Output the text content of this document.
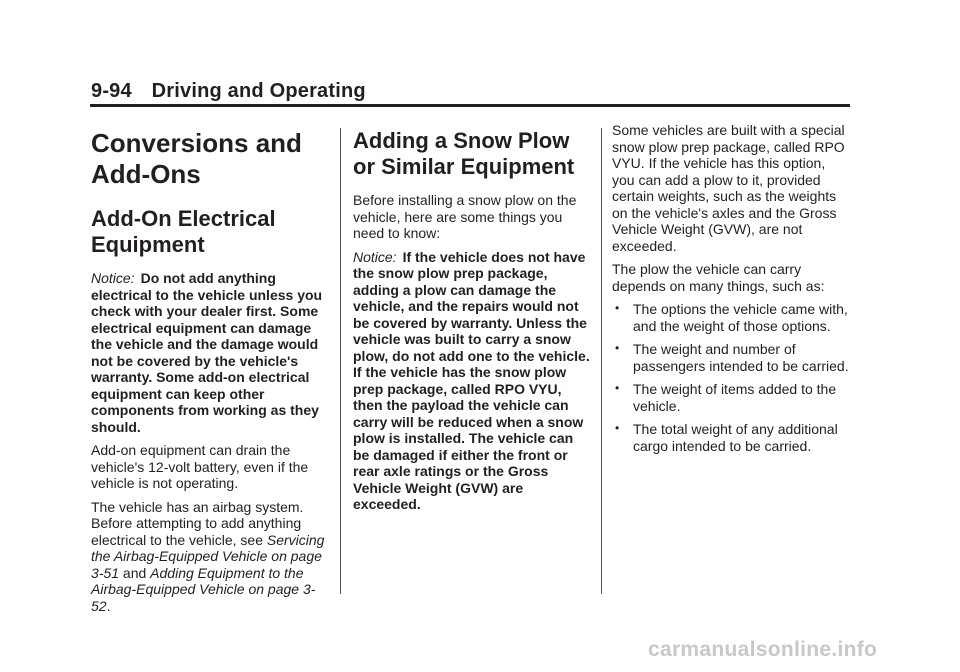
9-94 Driving and Operating
Conversions and Add-Ons
Add-On Electrical Equipment

Notice: Do not add anything electrical to the vehicle unless you check with your dealer first. Some electrical equipment can damage the vehicle and the damage would not be covered by the vehicle's warranty. Some add-on electrical equipment can keep other components from working as they should.

Add-on equipment can drain the vehicle's 12-volt battery, even if the vehicle is not operating.

The vehicle has an airbag system. Before attempting to add anything electrical to the vehicle, see Servicing the Airbag-Equipped Vehicle on page 3-51 and Adding Equipment to the Airbag-Equipped Vehicle on page 3-52.

Adding a Snow Plow or Similar Equipment

Before installing a snow plow on the vehicle, here are some things you need to know:

Notice: If the vehicle does not have the snow plow prep package, adding a plow can damage the vehicle, and the repairs would not be covered by warranty. Unless the vehicle was built to carry a snow plow, do not add one to the vehicle. If the vehicle has the snow plow prep package, called RPO VYU, then the payload the vehicle can carry will be reduced when a snow plow is installed. The vehicle can be damaged if either the front or rear axle ratings or the Gross Vehicle Weight (GVW) are exceeded.

Some vehicles are built with a special snow plow prep package, called RPO VYU. If the vehicle has this option, you can add a plow to it, provided certain weights, such as the weights on the vehicle's axles and the Gross Vehicle Weight (GVW), are not exceeded.

The plow the vehicle can carry depends on many things, such as:

• The options the vehicle came with, and the weight of those options.
• The weight and number of passengers intended to be carried.
• The weight of items added to the vehicle.
• The total weight of any additional cargo intended to be carried.
carmanualsonline.info
